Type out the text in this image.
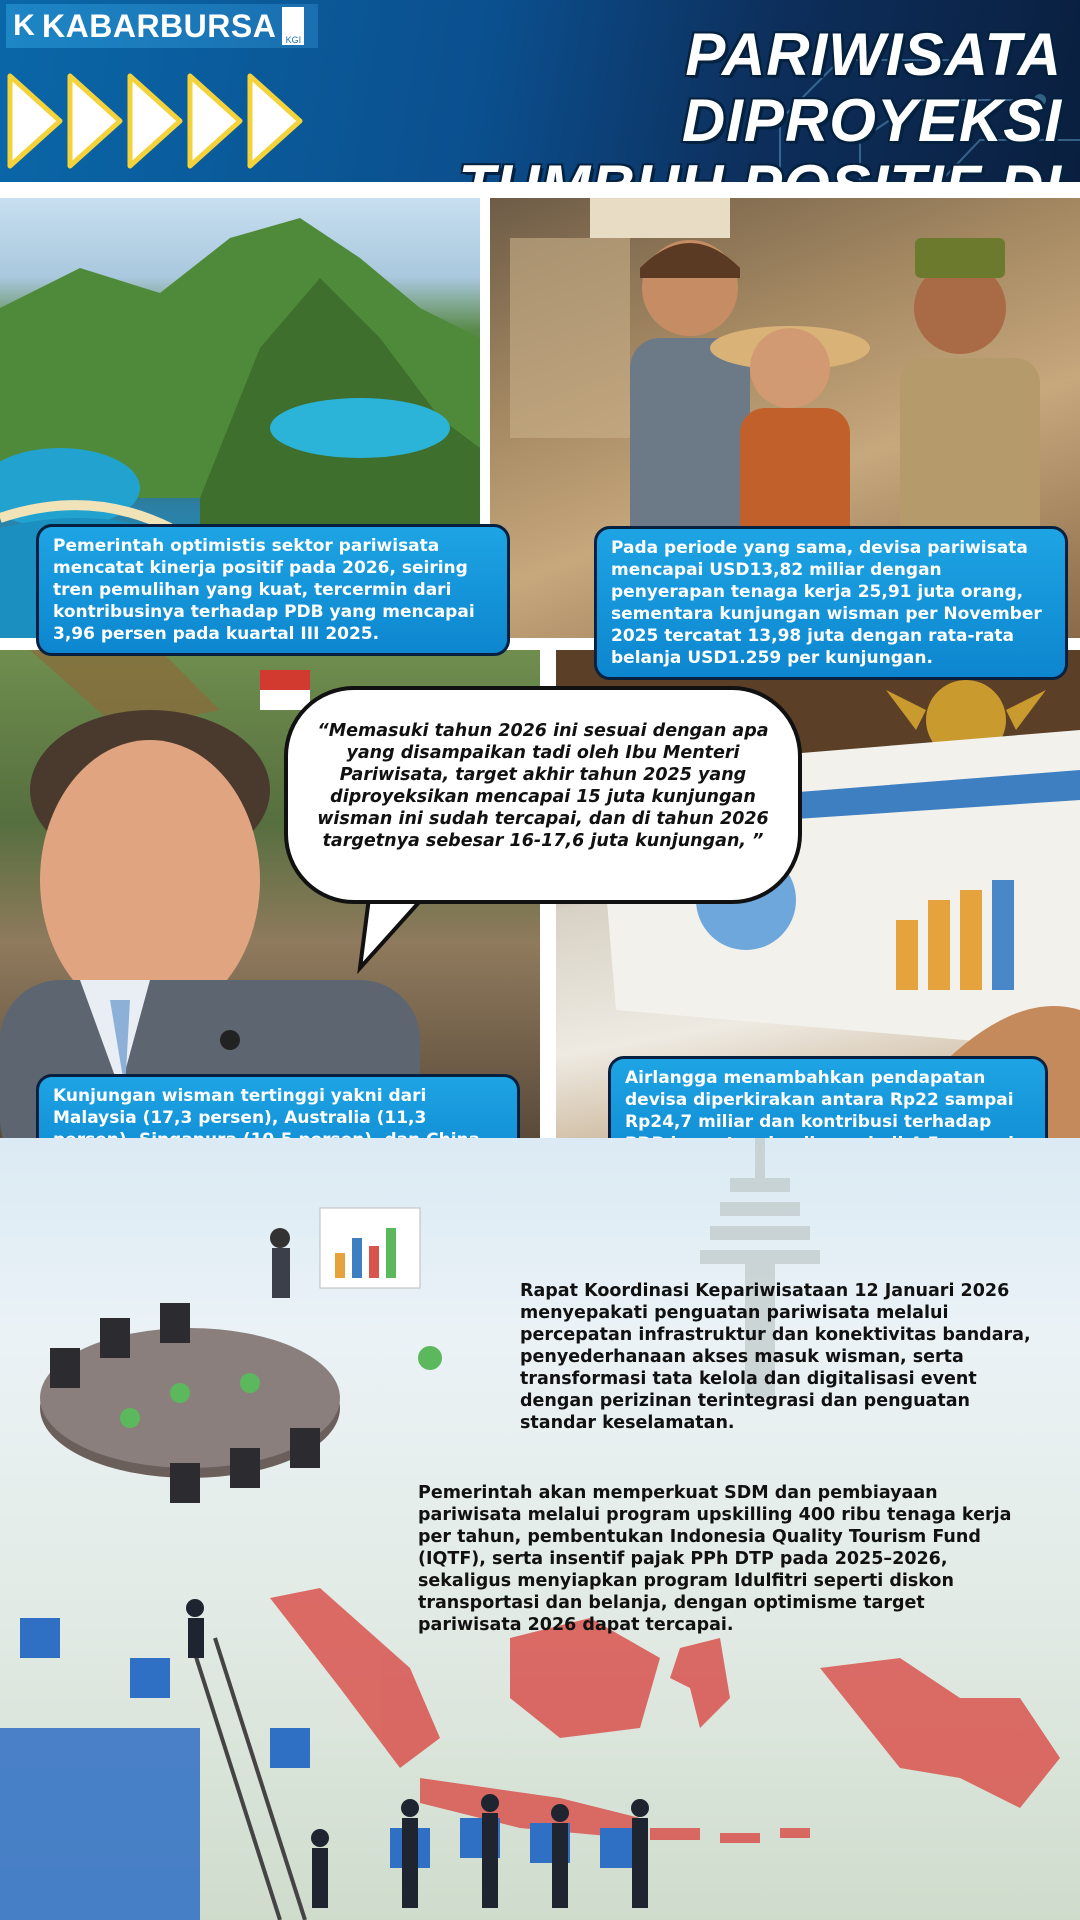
K KABARBURSA	KGI	PARIWISATA DIPROYEKSI
Pemerintah optimistis sektor pariwisata mencatat kinerja positif pada 2026, seiring tren pemulihan yang kuat, tercermin dari kontribusinya terhadap PDB yang mencapai 3,96 persen pada kuartal III 2025.
Pada periode yang sama, devisa pariwisata mencapai USD13,82 miliar dengan penyerapan tenaga kerja 25,91 juta orang, sementara kunjungan wisman per November 2025 tercatat 13,98 juta dengan rata-rata belanja USD1.259 per kunjungan.
Kunjungan wisman tertinggi yakni dari Malaysia (17,3 persen), Australia (11,3
Airlangga menambahkan pendapatan devisa diperkirakan antara Rp22 sampai Rp24,7 miliar dan kontribusi terhadap
“Memasuki tahun 2026 ini sesuai dengan apa yang disampaikan tadi oleh Ibu Menteri Pariwisata, target akhir tahun 2025 yang diproyeksikan mencapai 15 juta kunjungan wisman ini sudah tercapai, dan di tahun 2026 targetnya sebesar 16-17,6 juta kunjungan, ”
Rapat Koordinasi Kepariwisataan 12 Januari 2026 menyepakati penguatan pariwisata melalui percepatan infrastruktur dan konektivitas bandara, penyederhanaan akses masuk wisman, serta transformasi tata kelola dan digitalisasi event dengan perizinan terintegrasi dan penguatan standar keselamatan.
Pemerintah akan memperkuat SDM dan pembiayaan pariwisata melalui program upskilling 400 ribu tenaga kerja per tahun, pembentukan Indonesia Quality Tourism Fund (IQTF), serta insentif pajak PPh DTP pada 2025–2026, sekaligus menyiapkan program Idulfitri seperti diskon transportasi dan belanja, dengan optimisme target pariwisata 2026 dapat tercapai.
